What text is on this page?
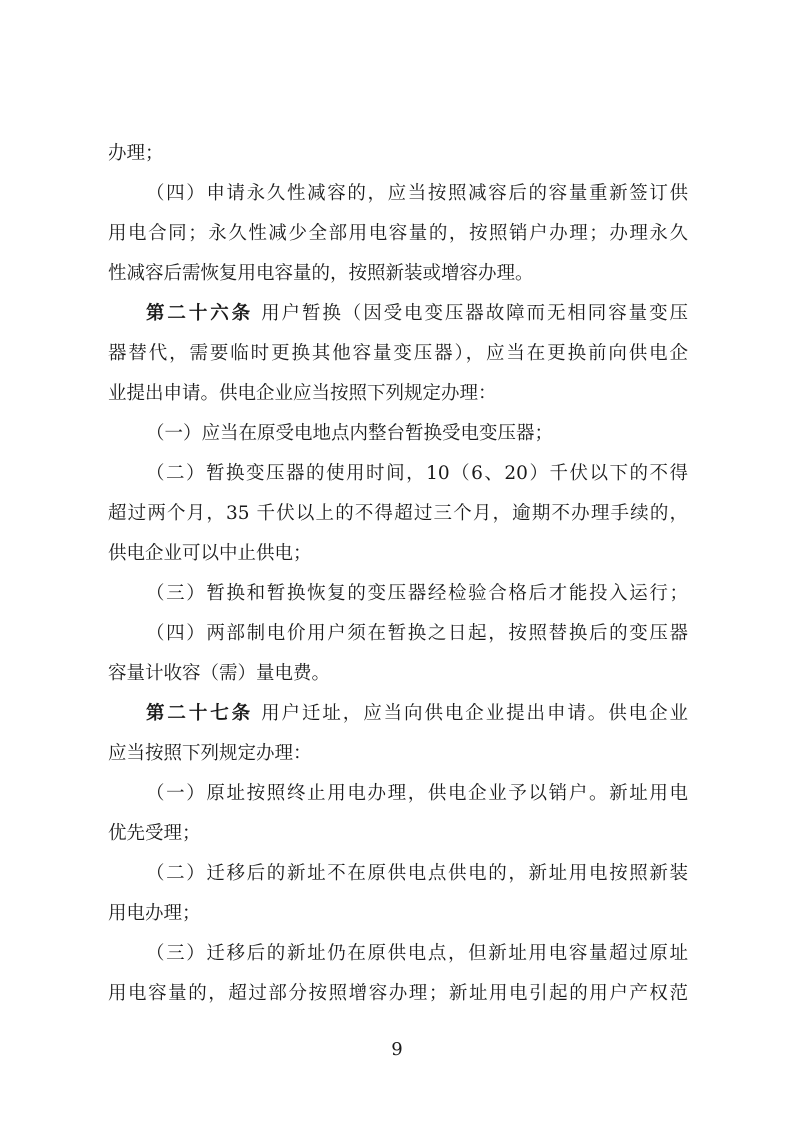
办理；
（四）申请永久性减容的，应当按照减容后的容量重新签订供
用电合同；永久性减少全部用电容量的，按照销户办理；办理永久
性减容后需恢复用电容量的，按照新装或增容办理。
第二十六条 用户暂换（因受电变压器故障而无相同容量变压
器替代，需要临时更换其他容量变压器），应当在更换前向供电企
业提出申请。供电企业应当按照下列规定办理：
（一）应当在原受电地点内整台暂换受电变压器；
（二）暂换变压器的使用时间，10（6、20）千伏以下的不得
超过两个月，35 千伏以上的不得超过三个月，逾期不办理手续的，
供电企业可以中止供电；
（三）暂换和暂换恢复的变压器经检验合格后才能投入运行；
（四）两部制电价用户须在暂换之日起，按照替换后的变压器
容量计收容（需）量电费。
第二十七条 用户迁址，应当向供电企业提出申请。供电企业
应当按照下列规定办理：
（一）原址按照终止用电办理，供电企业予以销户。新址用电
优先受理；
（二）迁移后的新址不在原供电点供电的，新址用电按照新装
用电办理；
（三）迁移后的新址仍在原供电点，但新址用电容量超过原址
用电容量的，超过部分按照增容办理；新址用电引起的用户产权范
9
